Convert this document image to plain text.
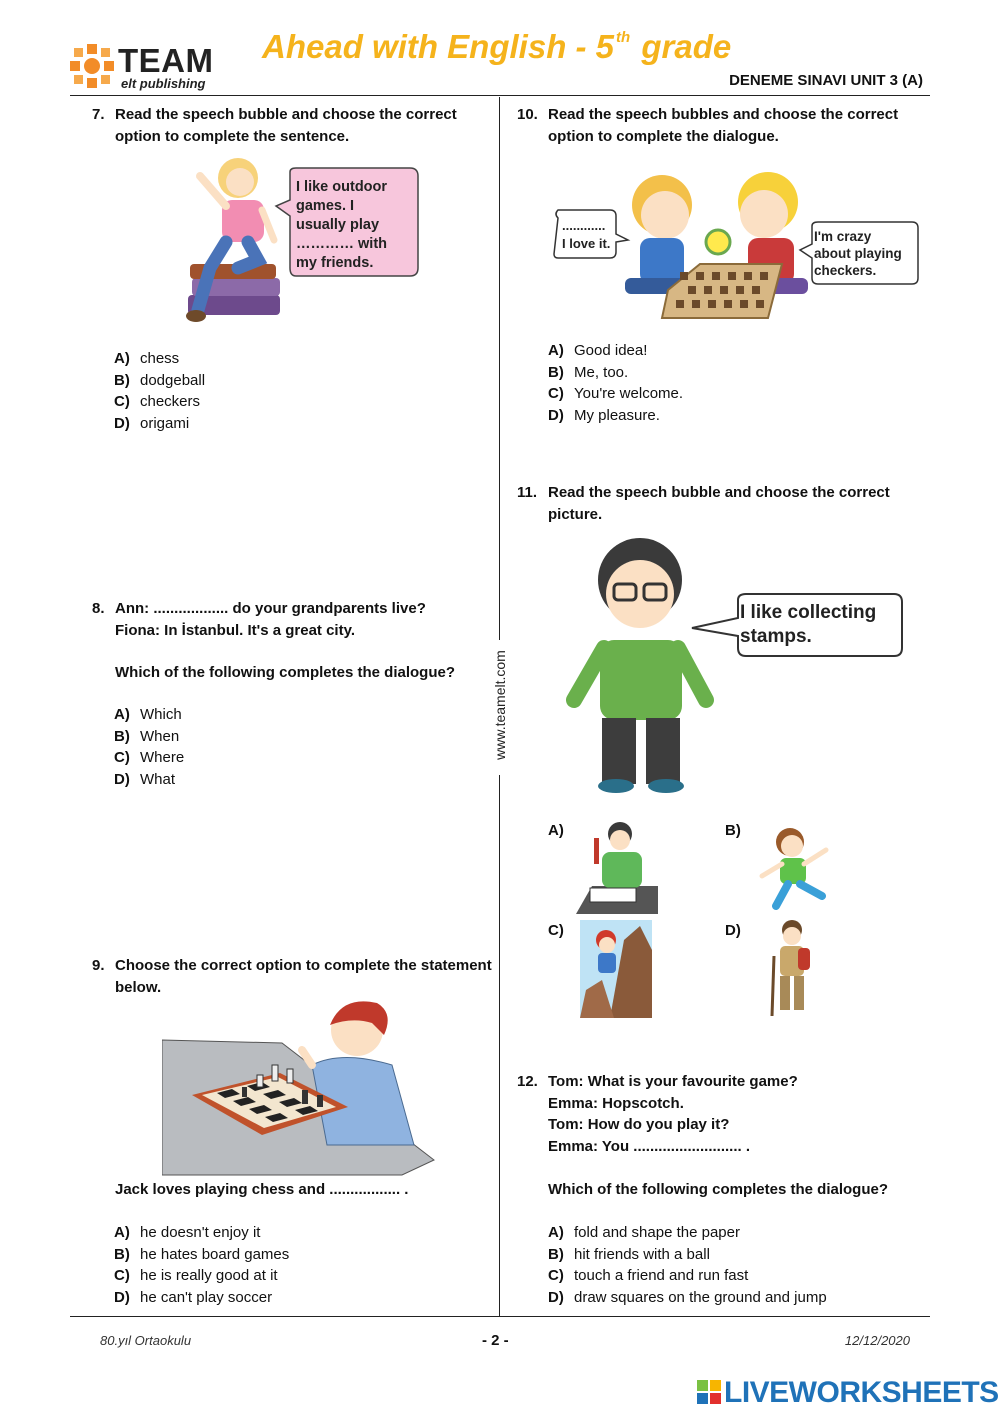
TEAM
elt publishing
Ahead with English - 5 $^{th}$ grade
DENEME SINAVI UNIT 3 (A)
www.teamelt.com
7. Read the speech bubble and choose the correct option to complete the sentence.
I like outdoor
games. I
usually play
………… with
my friends.
A) chess
B) dodgeball
C) checkers
D) origami
8. Ann: .................. do your grandparents live?
Fiona: In İstanbul. It's a great city.
Which of the following completes the dialogue?
A) Which
B) When
C) Where
D) What
9. Choose the correct option to complete the statement below.
Jack loves playing chess and ................. .
A) he doesn't enjoy it
B) he hates board games
C) he is really good at it
D) he can't play soccer
10. Read the speech bubbles and choose the correct option to complete the dialogue.
............
I love it.	I'm crazy
about playing
checkers.
A) Good idea!
B) Me, too.
C) You're welcome.
D) My pleasure.
11. Read the speech bubble and choose the correct picture.
I like collecting
stamps.
A)	B)
C)	D)
12. Tom: What is your favourite game?
Emma: Hopscotch.
Tom: How do you play it?
Emma: You .......................... .
Which of the following completes the dialogue?
A) fold and shape the paper
B) hit friends with a ball
C) touch a friend and run fast
D) draw squares on the ground and jump
80.yıl Ortaokulu	- 2 -	12/12/2020
LIVEWORKSHEETS
